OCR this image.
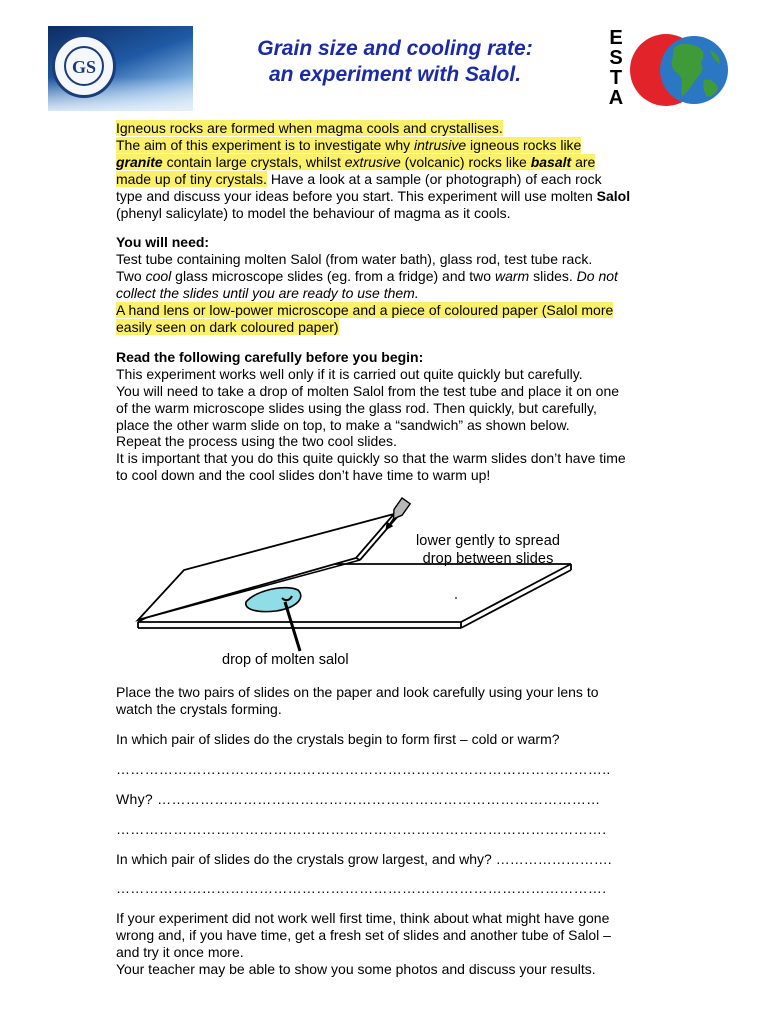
GS
Grain size and cooling rate:
an experiment with Salol.
E
S
T
A

Igneous rocks are formed when magma cools and crystallises.
The aim of this experiment is to investigate why intrusive igneous rocks like
granite contain large crystals, whilst extrusive (volcanic) rocks like basalt are
made up of tiny crystals. Have a look at a sample (or photograph) of each rock
type and discuss your ideas before you start. This experiment will use molten Salol
(phenyl salicylate) to model the behaviour of magma as it cools.

You will need:
Test tube containing molten Salol (from water bath), glass rod, test tube rack.
Two cool glass microscope slides (eg. from a fridge) and two warm slides. Do not
collect the slides until you are ready to use them.
A hand lens or low-power microscope and a piece of coloured paper (Salol more
easily seen on dark coloured paper)

Read the following carefully before you begin:
This experiment works well only if it is carried out quite quickly but carefully.
You will need to take a drop of molten Salol from the test tube and place it on one
of the warm microscope slides using the glass rod. Then quickly, but carefully,
place the other warm slide on top, to make a “sandwich” as shown below.
Repeat the process using the two cool slides.
It is important that you do this quite quickly so that the warm slides don’t have time
to cool down and the cool slides don’t have time to warm up!

lower gently to spread
drop between slides
drop of molten salol

Place the two pairs of slides on the paper and look carefully using your lens to
watch the crystals forming.

In which pair of slides do the crystals begin to form first – cold or warm?

…………………………………………………………………………………………..

Why? …………………………………………………………………………………

………………………………………………………………………………………….

In which pair of slides do the crystals grow largest, and why? …………………….

………………………………………………………………………………………….

If your experiment did not work well first time, think about what might have gone
wrong and, if you have time, get a fresh set of slides and another tube of Salol –
and try it once more.
Your teacher may be able to show you some photos and discuss your results.
